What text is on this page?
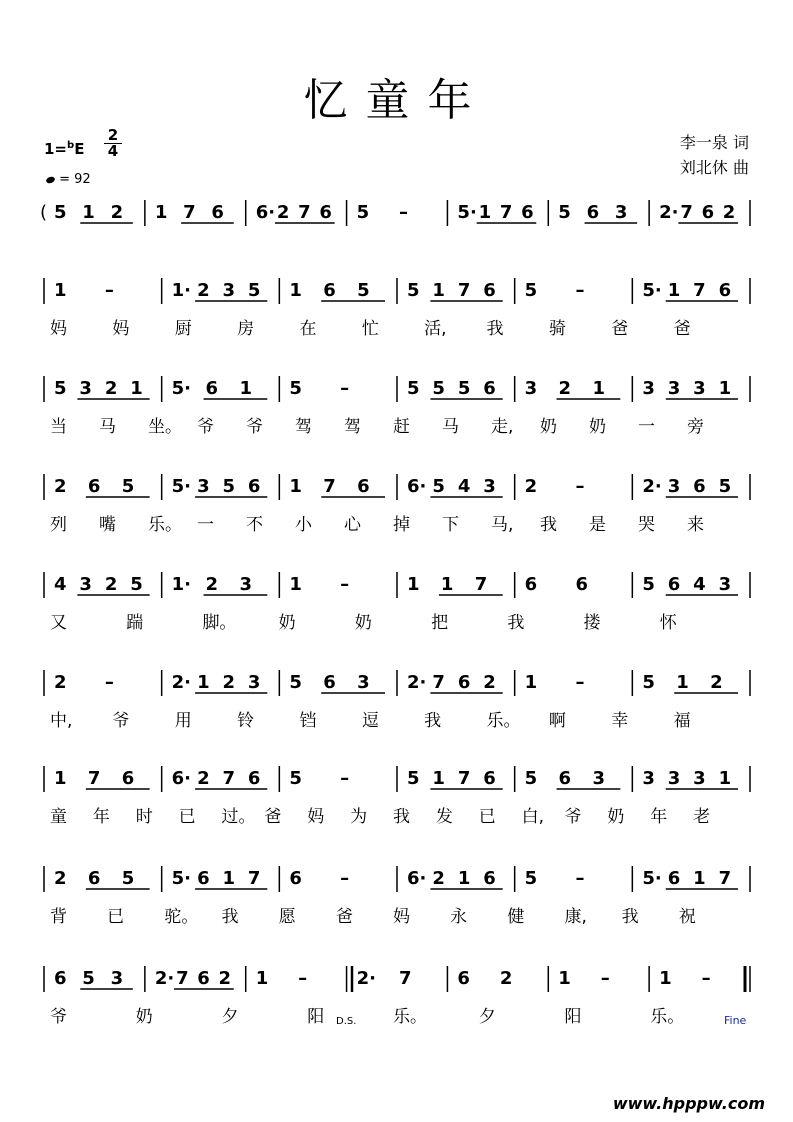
忆童年
1=$^b$E
2
4
= 92
李一泉 词
刘北休 曲
5 1 2 1 7 6 6· 2 7 6 5 –	5· 1 7 6 5 6 3 2· 7 6 2
1 –	1· 2 3 5 1 6 5 5 1 7 6 5 –	5· 1 7 6
妈	妈	厨	房	在	忙	活, 我	骑	爸	爸
5 3 2 1 5· 6 1 5 –	5 5 5 6 3 2 1 3 3 3 1
当 马 坐。 爷 爷 驾 驾 赶 马 走, 奶 奶 一 旁
2 6 5 5· 3 5 6 1 7 6 6· 5 4 3 2 –	2· 3 6 5
列 嘴 乐。 一 不 小 心 掉 下 马, 我 是 哭 来
4 3 2 5 1· 2 3 1 –	1 1 7 6 6	5 6 4 3
又	踹	脚。 奶	奶	把	我	搂	怀
2 –	2· 1 2 3 5 6 3 2· 7 6 2 1 –	5 1 2
中, 爷	用	铃	铛	逗	我	乐。 啊	幸	福
1 7 6 6· 2 7 6 5 –	5 1 7 6 5 6 3 3 3 3 1
童 年 时 已 过。 爸 妈 为 我 发 已 白, 爷 奶 年 老
2 6 5 5· 6 1 7 6 –	6· 2 1 6 5 –	5· 6 1 7
背 已 驼。 我 愿 爸 妈 永 健 康, 我 祝
6 5 3 2· 7 6 2 1 –	2· 7	6 2	1 –	1 –
爷	奶	夕	阳	乐。	夕	阳	乐。
(
D.S.	Fine
www.hpppw.com
